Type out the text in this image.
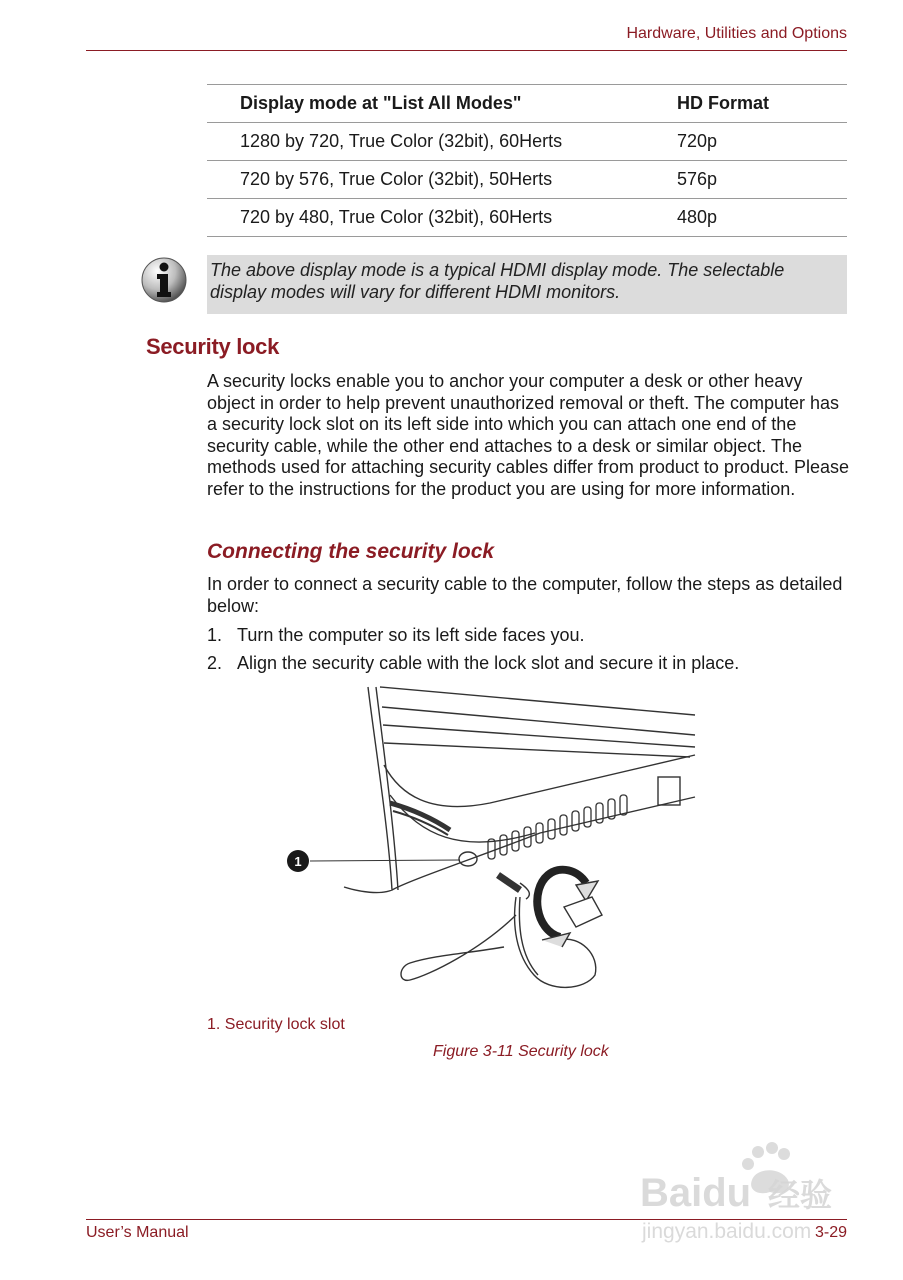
Hardware, Utilities and Options
Display mode at "List All Modes"	HD Format
1280 by 720, True Color (32bit), 60Herts	720p
720 by 576, True Color (32bit), 50Herts	576p
720 by 480, True Color (32bit), 60Herts	480p
The above display mode is a typical HDMI display mode. The selectable display modes will vary for different HDMI monitors.
Security lock
A security locks enable you to anchor your computer a desk or other heavy object in order to help prevent unauthorized removal or theft. The computer has a security lock slot on its left side into which you can attach one end of the security cable, while the other end attaches to a desk or similar object. The methods used for attaching security cables differ from product to product. Please refer to the instructions for the product you are using for more information.
Connecting the security lock
In order to connect a security cable to the computer, follow the steps as detailed below:
1. Turn the computer so its left side faces you.
2. Align the security cable with the lock slot and secure it in place.
1
1. Security lock slot
Figure 3-11 Security lock
Baidu 经验
jingyan.baidu.com
User’s Manual	3-29
